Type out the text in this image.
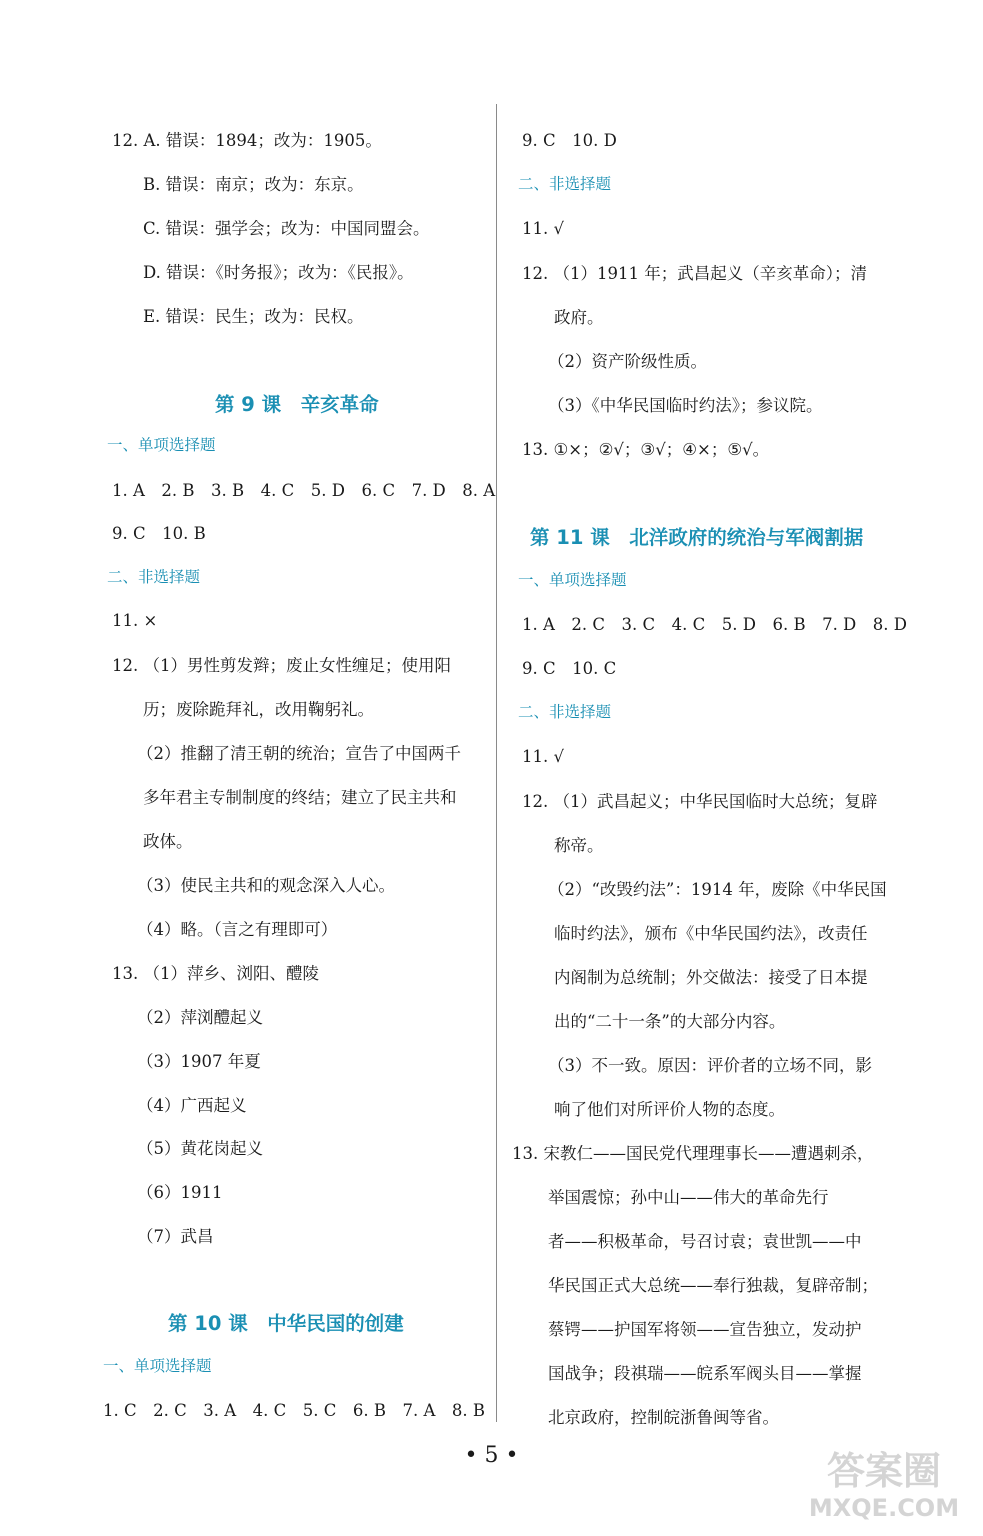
12. A. 错误：1894；改为：1905。
B. 错误：南京；改为：东京。
C. 错误：强学会；改为：中国同盟会。
D. 错误：《时务报》；改为：《民报》。
E. 错误：民生；改为：民权。
第 9 课　辛亥革命
一、单项选择题
1. A　2. B　3. B　4. C　5. D　6. C　7. D　8. A
9. C　10. B
二、非选择题
11. ×
12. （1）男性剪发辫；废止女性缠足；使用阳
历；废除跪拜礼，改用鞠躬礼。
（2）推翻了清王朝的统治；宣告了中国两千
多年君主专制制度的终结；建立了民主共和
政体。
（3）使民主共和的观念深入人心。
（4）略。（言之有理即可）
13. （1）萍乡、浏阳、醴陵
（2）萍浏醴起义
（3）1907 年夏
（4）广西起义
（5）黄花岗起义
（6）1911
（7）武昌
第 10 课　中华民国的创建
一、单项选择题
1. C　2. C　3. A　4. C　5. C　6. B　7. A　8. B
9. C　10. D
二、非选择题
11. √
12. （1）1911 年；武昌起义（辛亥革命）；清
政府。
（2）资产阶级性质。
（3）《中华民国临时约法》；参议院。
13. ①×；②√；③√；④×；⑤√。
第 11 课　北洋政府的统治与军阀割据
一、单项选择题
1. A　2. C　3. C　4. C　5. D　6. B　7. D　8. D
9. C　10. C
二、非选择题
11. √
12. （1）武昌起义；中华民国临时大总统；复辟
称帝。
（2）“改毁约法”：1914 年，废除《中华民国
临时约法》，颁布《中华民国约法》，改责任
内阁制为总统制；外交做法：接受了日本提
出的“二十一条”的大部分内容。
（3）不一致。原因：评价者的立场不同，影
响了他们对所评价人物的态度。
13. 宋教仁——国民党代理理事长——遭遇刺杀，
举国震惊；孙中山——伟大的革命先行
者——积极革命，号召讨袁；袁世凯——中
华民国正式大总统——奉行独裁，复辟帝制；
蔡锷——护国军将领——宣告独立，发动护
国战争；段祺瑞——皖系军阀头目——掌握
北京政府，控制皖浙鲁闽等省。
• 5 •	答案圈
MXQE.COM
